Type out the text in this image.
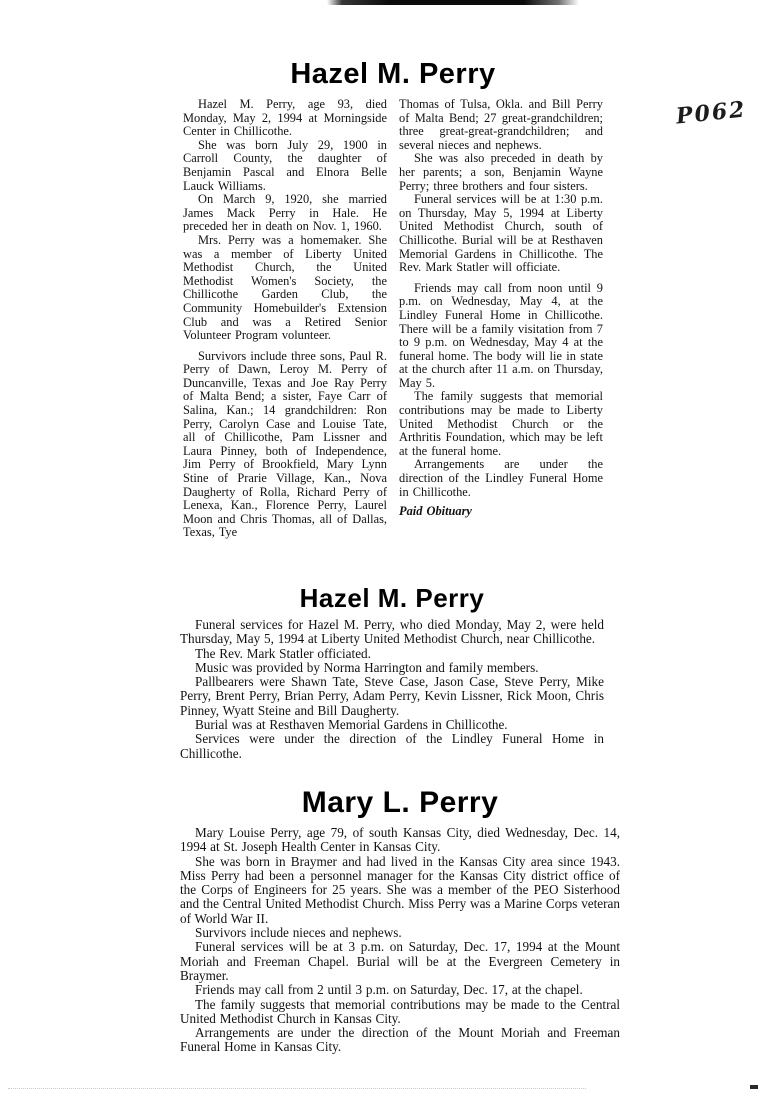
P062
Hazel M. Perry

Hazel M. Perry, age 93, died Monday, May 2, 1994 at Morningside Center in Chillicothe.

She was born July 29, 1900 in Carroll County, the daughter of Benjamin Pascal and Elnora Belle Lauck Williams.

On March 9, 1920, she married James Mack Perry in Hale. He preceded her in death on Nov. 1, 1960.

Mrs. Perry was a homemaker. She was a member of Liberty United Methodist Church, the United Methodist Women's Society, the Chillicothe Garden Club, the Community Homebuilder's Extension Club and was a Retired Senior Volunteer Program volunteer.

Survivors include three sons, Paul R. Perry of Dawn, Leroy M. Perry of Duncanville, Texas and Joe Ray Perry of Malta Bend; a sister, Faye Carr of Salina, Kan.; 14 grandchildren: Ron Perry, Carolyn Case and Louise Tate, all of Chillicothe, Pam Lissner and Laura Pinney, both of Independence, Jim Perry of Brookfield, Mary Lynn Stine of Prarie Village, Kan., Nova Daugherty of Rolla, Richard Perry of Lenexa, Kan., Florence Perry, Laurel Moon and Chris Thomas, all of Dallas, Texas, Tye

Thomas of Tulsa, Okla. and Bill Perry of Malta Bend; 27 great-grandchildren; three great-great-grandchildren; and several nieces and nephews.

She was also preceded in death by her parents; a son, Benjamin Wayne Perry; three brothers and four sisters.

Funeral services will be at 1:30 p.m. on Thursday, May 5, 1994 at Liberty United Methodist Church, south of Chillicothe. Burial will be at Resthaven Memorial Gardens in Chillicothe. The Rev. Mark Statler will officiate.

Friends may call from noon until 9 p.m. on Wednesday, May 4, at the Lindley Funeral Home in Chillicothe. There will be a family visitation from 7 to 9 p.m. on Wednesday, May 4 at the funeral home. The body will lie in state at the church after 11 a.m. on Thursday, May 5.

The family suggests that memorial contributions may be made to Liberty United Methodist Church or the Arthritis Foundation, which may be left at the funeral home.

Arrangements are under the direction of the Lindley Funeral Home in Chillicothe.

Paid Obituary

Hazel M. Perry

Funeral services for Hazel M. Perry, who died Monday, May 2, were held Thursday, May 5, 1994 at Liberty United Methodist Church, near Chillicothe.

The Rev. Mark Statler officiated.

Music was provided by Norma Harrington and family members.

Pallbearers were Shawn Tate, Steve Case, Jason Case, Steve Perry, Mike Perry, Brent Perry, Brian Perry, Adam Perry, Kevin Lissner, Rick Moon, Chris Pinney, Wyatt Steine and Bill Daugherty.

Burial was at Resthaven Memorial Gardens in Chillicothe.

Services were under the direction of the Lindley Funeral Home in Chillicothe.

Mary L. Perry

Mary Louise Perry, age 79, of south Kansas City, died Wednesday, Dec. 14, 1994 at St. Joseph Health Center in Kansas City.

She was born in Braymer and had lived in the Kansas City area since 1943. Miss Perry had been a personnel manager for the Kansas City district office of the Corps of Engineers for 25 years. She was a member of the PEO Sisterhood and the Central United Methodist Church. Miss Perry was a Marine Corps veteran of World War II.

Survivors include nieces and nephews.

Funeral services will be at 3 p.m. on Saturday, Dec. 17, 1994 at the Mount Moriah and Freeman Chapel. Burial will be at the Evergreen Cemetery in Braymer.

Friends may call from 2 until 3 p.m. on Saturday, Dec. 17, at the chapel.

The family suggests that memorial contributions may be made to the Central United Methodist Church in Kansas City.

Arrangements are under the direction of the Mount Moriah and Freeman Funeral Home in Kansas City.
